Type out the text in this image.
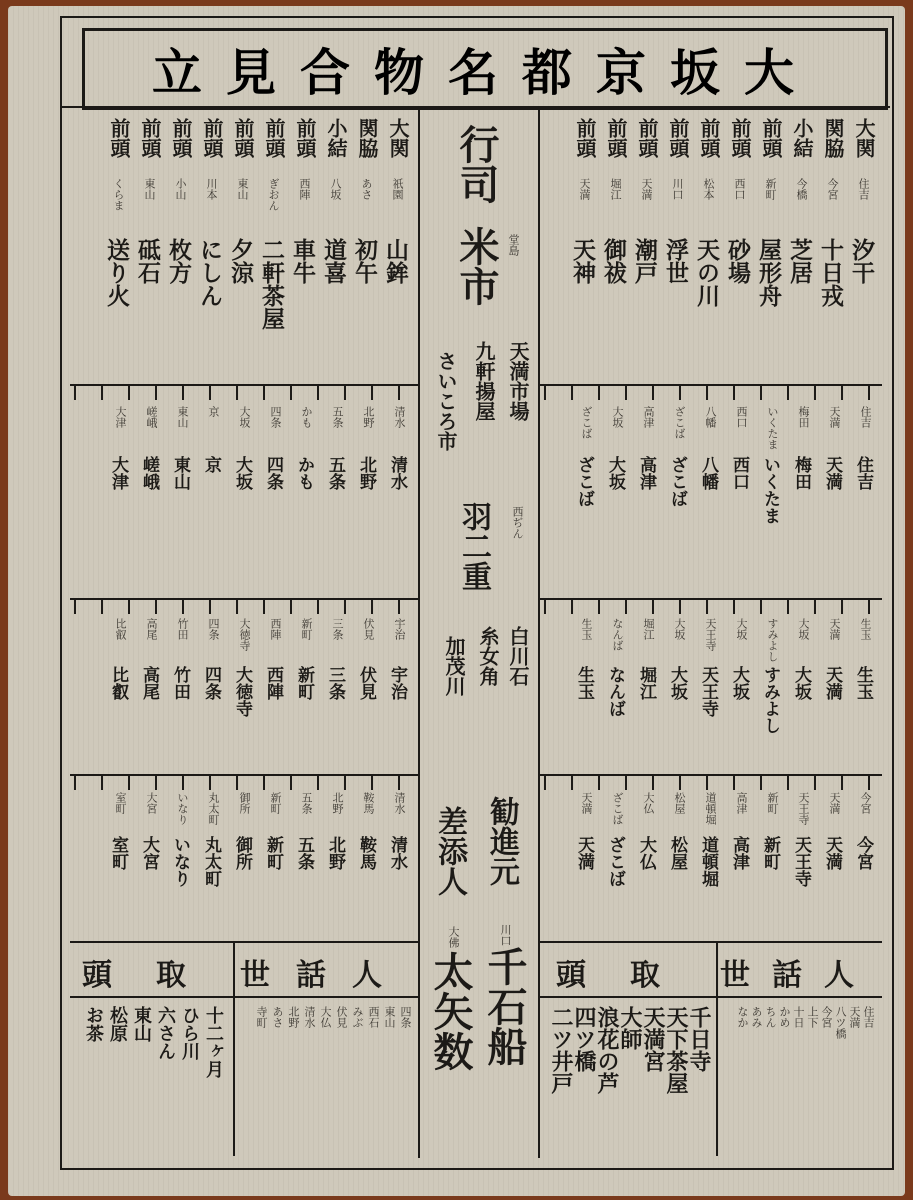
大坂京都名物合見立
行司
堂島
米市
天満市場
九軒揚屋
さいころ市
西ぢん
羽二重
白川石
糸女角
加茂川
勧進元
川口
千石船
差添人
大佛
太矢数
大関
関脇
小結
前頭
前頭
前頭
前頭
前頭
前頭
前頭
大関
関脇
小結
前頭
前頭
前頭
前頭
前頭
前頭
前頭
住吉
今宮
今橋
新町
西口
松本
川口
天満
堀江
天満
祇園
あさ
八坂
西陣
ぎおん
東山
川本
小山
東山
くらま
汐干
十日戎
芝居
屋形舟
砂場
天の川
浮世
潮戸
御祓
天神
山鉾
初午
道喜
車牛
二軒茶屋
夕涼
にしん
枚方
砥石
送り火
住吉
天満
梅田
いくたま
西口
八幡
ざこば
高津
大坂
ざこば
住吉
天満
梅田
いくたま
西口
八幡
ざこば
高津
大坂
ざこば
生玉
天満
大坂
すみよし
大坂
天王寺
大坂
堀江
なんば
生玉
生玉
天満
大坂
すみよし
大坂
天王寺
大坂
堀江
なんば
生玉
今宮
天満
天王寺
新町
高津
道頓堀
松屋
大仏
ざこば
天満
今宮
天満
天王寺
新町
高津
道頓堀
松屋
大仏
ざこば
天満
清水
北野
五条
かも
四条
大坂
京
東山
嵯峨
大津
清水
北野
五条
かも
四条
大坂
京
東山
嵯峨
大津
宇治
伏見
三条
新町
西陣
大徳寺
四条
竹田
高尾
比叡
宇治
伏見
三条
新町
西陣
大徳寺
四条
竹田
高尾
比叡
清水
鞍馬
北野
五条
新町
御所
丸太町
いなり
大宮
室町
清水
鞍馬
北野
五条
新町
御所
丸太町
いなり
大宮
室町
世話人
頭取
世話人
頭取
千日寺
天下茶屋
天満宮
大師
浪花の芦
四ツ橋
二ツ井戸
十二ヶ月
ひら川
六さん
東山
松原
お茶	住吉
天満
八ツ橋
今宮
上下
十日
かめ
ちん
あみ
なか
四条
東山
西石
みぶ
伏見
大仏
清水
北野
あさ
寺町
